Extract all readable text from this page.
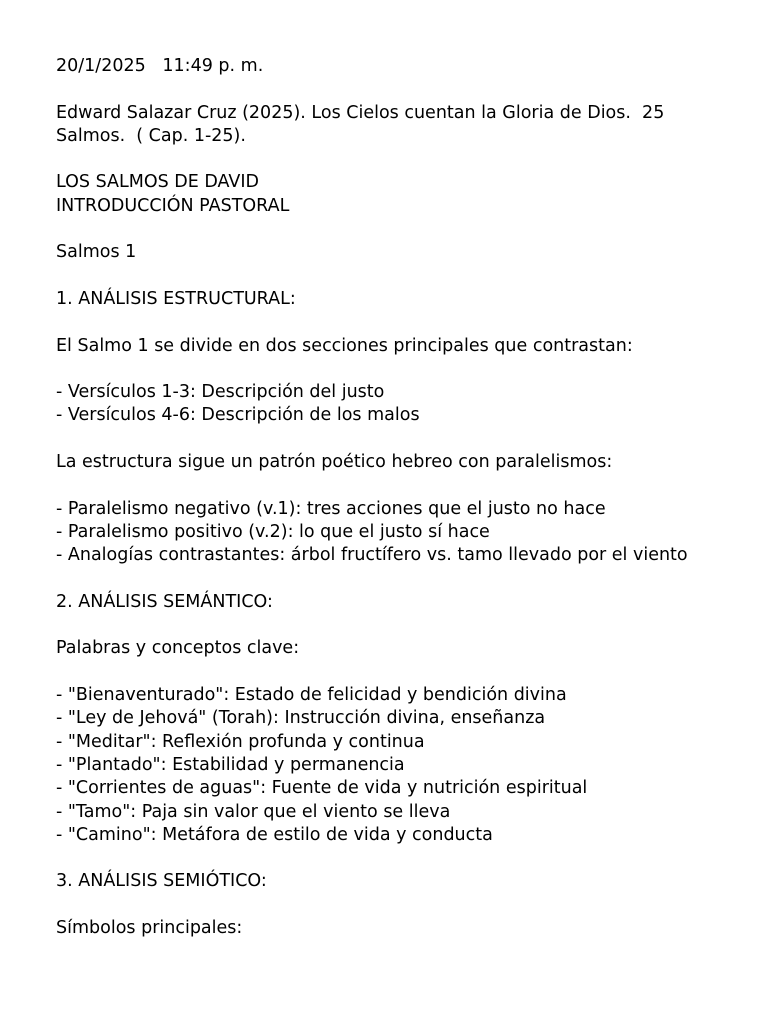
20/1/2025   11:49 p. m.
Edward Salazar Cruz (2025). Los Cielos cuentan la Gloria de Dios.  25
Salmos.  ( Cap. 1-25).
LOS SALMOS DE DAVID
INTRODUCCIÓN PASTORAL
Salmos 1
1. ANÁLISIS ESTRUCTURAL:
El Salmo 1 se divide en dos secciones principales que contrastan:
- Versículos 1-3: Descripción del justo
- Versículos 4-6: Descripción de los malos
La estructura sigue un patrón poético hebreo con paralelismos:
- Paralelismo negativo (v.1): tres acciones que el justo no hace
- Paralelismo positivo (v.2): lo que el justo sí hace
- Analogías contrastantes: árbol fructífero vs. tamo llevado por el viento
2. ANÁLISIS SEMÁNTICO:
Palabras y conceptos clave:
- "Bienaventurado": Estado de felicidad y bendición divina
- "Ley de Jehová" (Torah): Instrucción divina, enseñanza
- "Meditar": Reflexión profunda y continua
- "Plantado": Estabilidad y permanencia
- "Corrientes de aguas": Fuente de vida y nutrición espiritual
- "Tamo": Paja sin valor que el viento se lleva
- "Camino": Metáfora de estilo de vida y conducta
3. ANÁLISIS SEMIÓTICO:
Símbolos principales:
